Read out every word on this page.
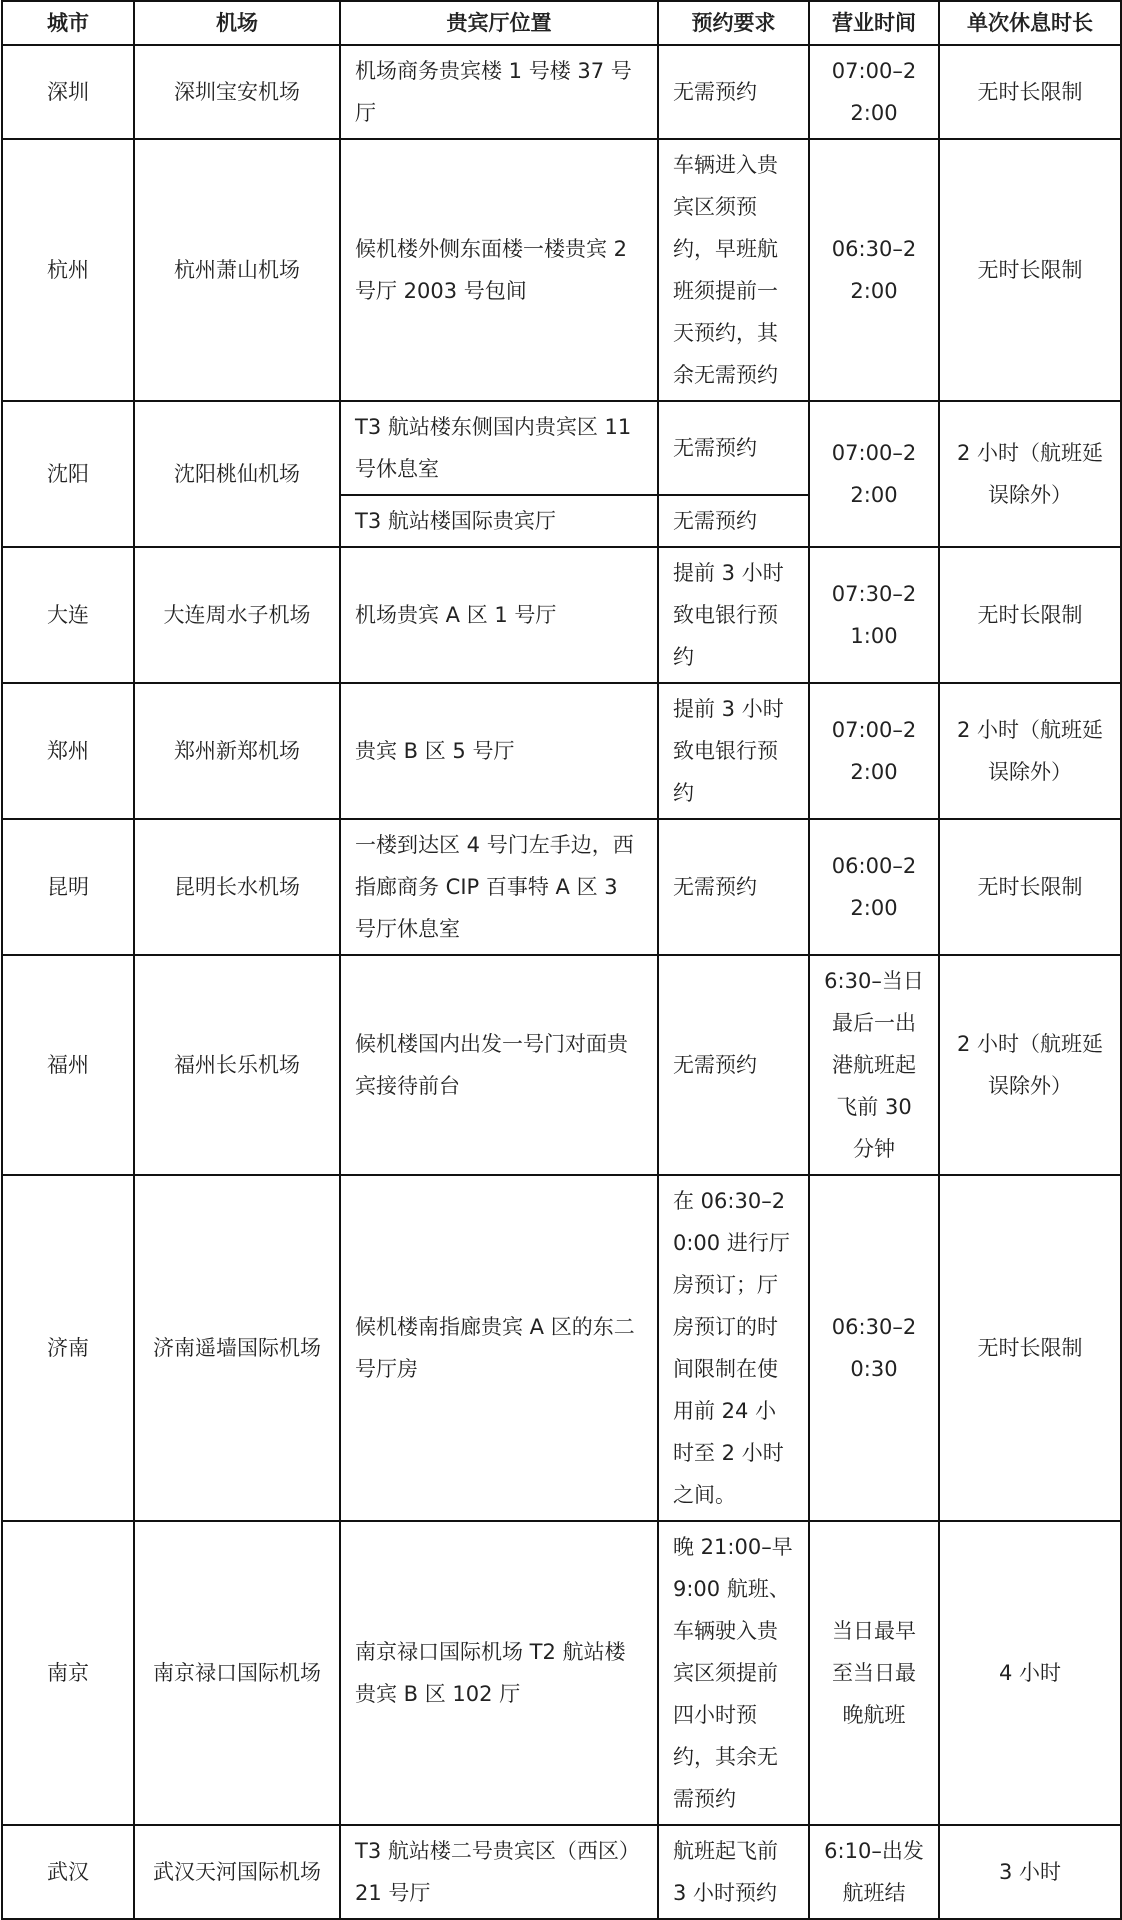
城市	机场	贵宾厅位置	预约要求	营业时间	单次休息时长
深圳	深圳宝安机场	机场商务贵宾楼 1 号楼 37 号厅	无需预约	07:00–22:00	无时长限制
杭州	杭州萧山机场	候机楼外侧东面楼一楼贵宾 2 号厅 2003 号包间	车辆进入贵宾区须预约，早班航班须提前一天预约，其余无需预约	06:30–22:00	无时长限制
沈阳	沈阳桃仙机场	T3 航站楼东侧国内贵宾区 11 号休息室	无需预约	07:00–22:00	2 小时（航班延误除外）
		T3 航站楼国际贵宾厅	无需预约		
大连	大连周水子机场	机场贵宾 A 区 1 号厅	提前 3 小时致电银行预约	07:30–21:00	无时长限制
郑州	郑州新郑机场	贵宾 B 区 5 号厅	提前 3 小时致电银行预约	07:00–22:00	2 小时（航班延误除外）
昆明	昆明长水机场	一楼到达区 4 号门左手边，西指廊商务 CIP 百事特 A 区 3 号厅休息室	无需预约	06:00–22:00	无时长限制
福州	福州长乐机场	候机楼国内出发一号门对面贵宾接待前台	无需预约	6:30–当日最后一出港航班起飞前 30 分钟	2 小时（航班延误除外）
济南	济南遥墙国际机场	候机楼南指廊贵宾 A 区的东二号厅房	在 06:30–20:00 进行厅房预订；厅房预订的时间限制在使用前 24 小时至 2 小时之间。	06:30–20:30	无时长限制
南京	南京禄口国际机场	南京禄口国际机场 T2 航站楼贵宾 B 区 102 厅	晚 21:00–早 9:00 航班、车辆驶入贵宾区须提前四小时预约，其余无需预约	当日最早至当日最晚航班	4 小时
武汉	武汉天河国际机场	T3 航站楼二号贵宾区（西区）21 号厅	航班起飞前 3 小时预约	6:10–出发航班结	3 小时
